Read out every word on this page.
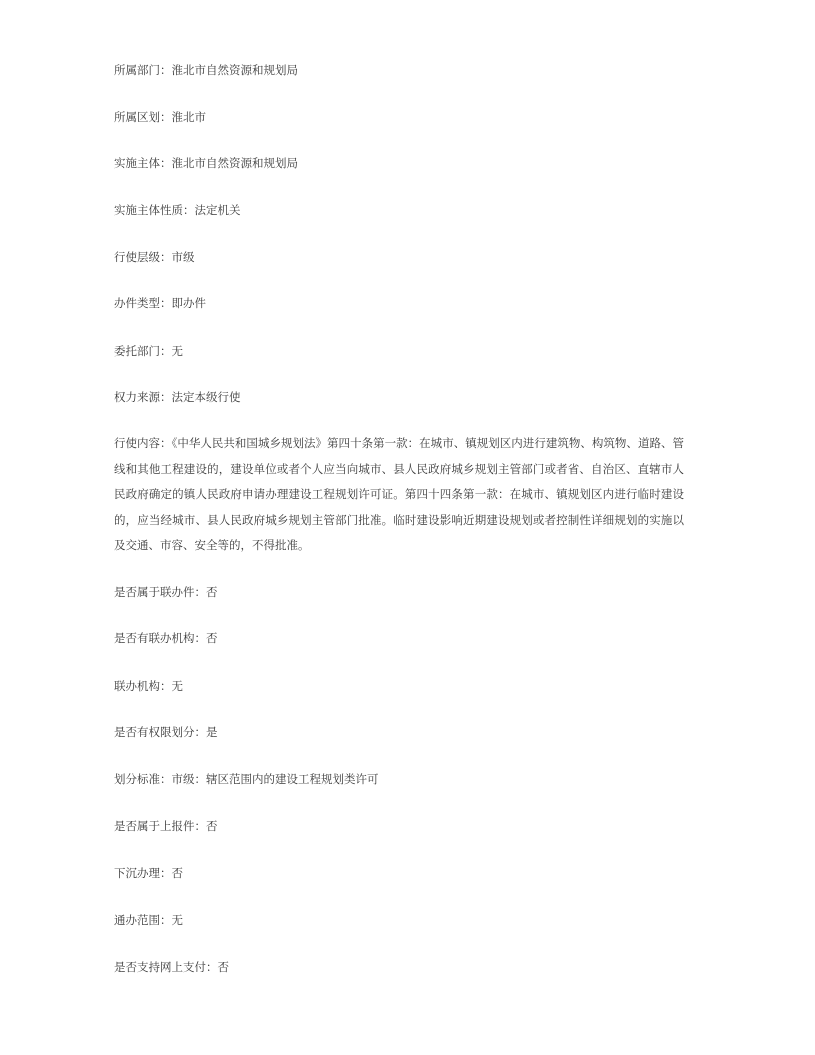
所属部门：淮北市自然资源和规划局

所属区划：淮北市

实施主体：淮北市自然资源和规划局

实施主体性质：法定机关

行使层级：市级

办件类型：即办件

委托部门：无

权力来源：法定本级行使

行使内容：《中华人民共和国城乡规划法》第四十条第一款：在城市、镇规划区内进行建筑物、构筑物、道路、管线和其他工程建设的，建设单位或者个人应当向城市、县人民政府城乡规划主管部门或者省、自治区、直辖市人民政府确定的镇人民政府申请办理建设工程规划许可证。第四十四条第一款：在城市、镇规划区内进行临时建设的，应当经城市、县人民政府城乡规划主管部门批准。临时建设影响近期建设规划或者控制性详细规划的实施以及交通、市容、安全等的，不得批准。

是否属于联办件：否

是否有联办机构：否

联办机构：无

是否有权限划分：是

划分标准：市级：辖区范围内的建设工程规划类许可

是否属于上报件：否

下沉办理：否

通办范围：无

是否支持网上支付：否
